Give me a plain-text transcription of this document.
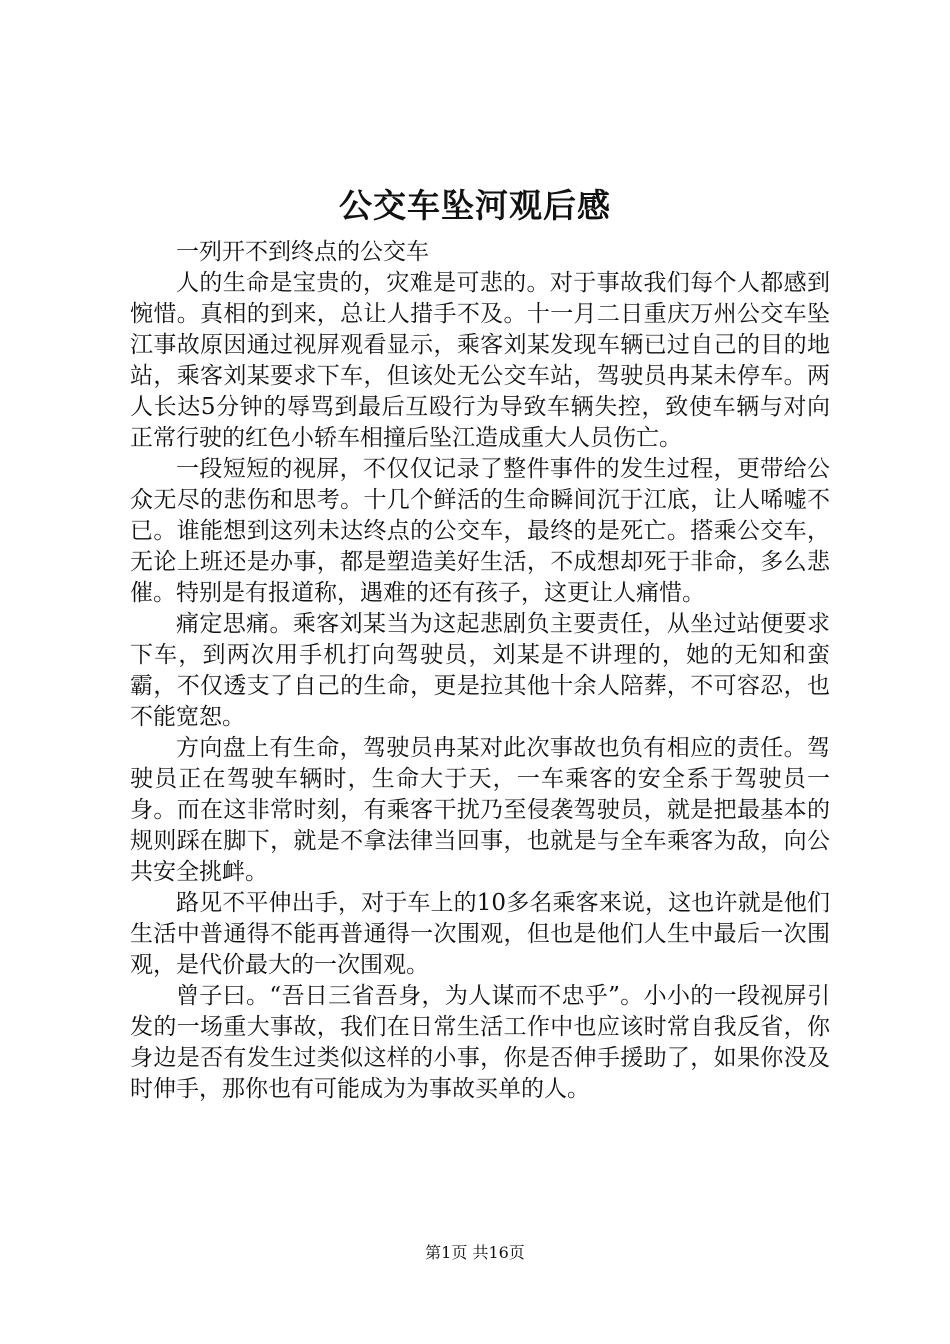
公交车坠河观后感

一列开不到终点的公交车

人的生命是宝贵的，灾难是可悲的。对于事故我们每个人都感到惋惜。真相的到来，总让人措手不及。十一月二日重庆万州公交车坠江事故原因通过视屏观看显示，乘客刘某发现车辆已过自己的目的地站，乘客刘某要求下车，但该处无公交车站，驾驶员冉某未停车。两人长达5分钟的辱骂到最后互殴行为导致车辆失控，致使车辆与对向正常行驶的红色小轿车相撞后坠江造成重大人员伤亡。

一段短短的视屏，不仅仅记录了整件事件的发生过程，更带给公众无尽的悲伤和思考。十几个鲜活的生命瞬间沉于江底，让人唏嘘不已。谁能想到这列未达终点的公交车，最终的是死亡。搭乘公交车，无论上班还是办事，都是塑造美好生活，不成想却死于非命，多么悲催。特别是有报道称，遇难的还有孩子，这更让人痛惜。

痛定思痛。乘客刘某当为这起悲剧负主要责任，从坐过站便要求下车，到两次用手机打向驾驶员，刘某是不讲理的，她的无知和蛮霸，不仅透支了自己的生命，更是拉其他十余人陪葬，不可容忍，也不能宽恕。

方向盘上有生命，驾驶员冉某对此次事故也负有相应的责任。驾驶员正在驾驶车辆时，生命大于天，一车乘客的安全系于驾驶员一身。而在这非常时刻，有乘客干扰乃至侵袭驾驶员，就是把最基本的规则踩在脚下，就是不拿法律当回事，也就是与全车乘客为敌，向公共安全挑衅。

路见不平伸出手，对于车上的10多名乘客来说，这也许就是他们生活中普通得不能再普通得一次围观，但也是他们人生中最后一次围观，是代价最大的一次围观。

曾子曰。“吾日三省吾身，为人谋而不忠乎”。小小的一段视屏引发的一场重大事故，我们在日常生活工作中也应该时常自我反省，你身边是否有发生过类似这样的小事，你是否伸手援助了，如果你没及时伸手，那你也有可能成为为事故买单的人。

第1页 共16页
